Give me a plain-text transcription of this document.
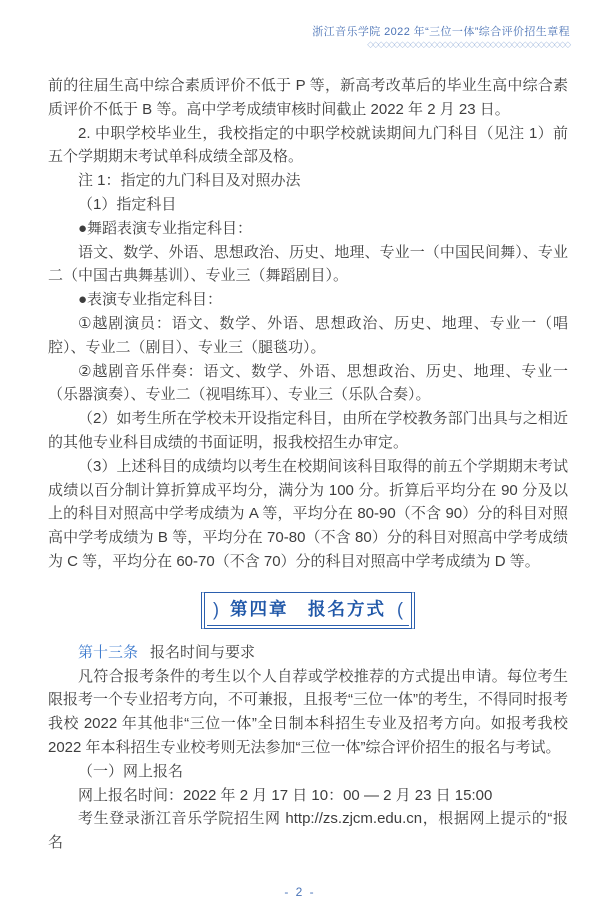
浙江音乐学院 2022 年“三位一体”综合评价招生章程
◇◇◇◇◇◇◇◇◇◇◇◇◇◇◇◇◇◇◇◇◇◇◇◇◇◇◇◇◇◇◇◇◇◇◇◇◇◇

前的往届生高中综合素质评价不低于 P 等，新高考改革后的毕业生高中综合素质评价不低于 B 等。高中学考成绩审核时间截止 2022 年 2 月 23 日。

2. 中职学校毕业生，我校指定的中职学校就读期间九门科目（见注 1）前五个学期期末考试单科成绩全部及格。

注 1：指定的九门科目及对照办法

（1）指定科目

●舞蹈表演专业指定科目：

语文、数学、外语、思想政治、历史、地理、专业一（中国民间舞）、专业二（中国古典舞基训）、专业三（舞蹈剧目）。

●表演专业指定科目：

①越剧演员：语文、数学、外语、思想政治、历史、地理、专业一（唱腔）、专业二（剧目）、专业三（腿毯功）。

②越剧音乐伴奏：语文、数学、外语、思想政治、历史、地理、专业一（乐器演奏）、专业二（视唱练耳）、专业三（乐队合奏）。

（2）如考生所在学校未开设指定科目，由所在学校教务部门出具与之相近的其他专业科目成绩的书面证明，报我校招生办审定。

（3）上述科目的成绩均以考生在校期间该科目取得的前五个学期期末考试成绩以百分制计算折算成平均分，满分为 100 分。折算后平均分在 90 分及以上的科目对照高中学考成绩为 A 等，平均分在 80-90（不含 90）分的科目对照高中学考成绩为 B 等，平均分在 70-80（不含 80）分的科目对照高中学考成绩为 C 等，平均分在 60-70（不含 70）分的科目对照高中学考成绩为 D 等。

) 第四章　报名方式 (

第十三条 报名时间与要求

凡符合报考条件的考生以个人自荐或学校推荐的方式提出申请。每位考生限报考一个专业招考方向，不可兼报，且报考“三位一体”的考生，不得同时报考我校 2022 年其他非“三位一体”全日制本科招生专业及招考方向。如报考我校 2022 年本科招生专业校考则无法参加“三位一体”综合评价招生的报名与考试。

（一）网上报名

网上报名时间：2022 年 2 月 17 日 10：00 — 2 月 23 日 15:00

考生登录浙江音乐学院招生网 http://zs.zjcm.edu.cn，根据网上提示的“报名

- 2 -
